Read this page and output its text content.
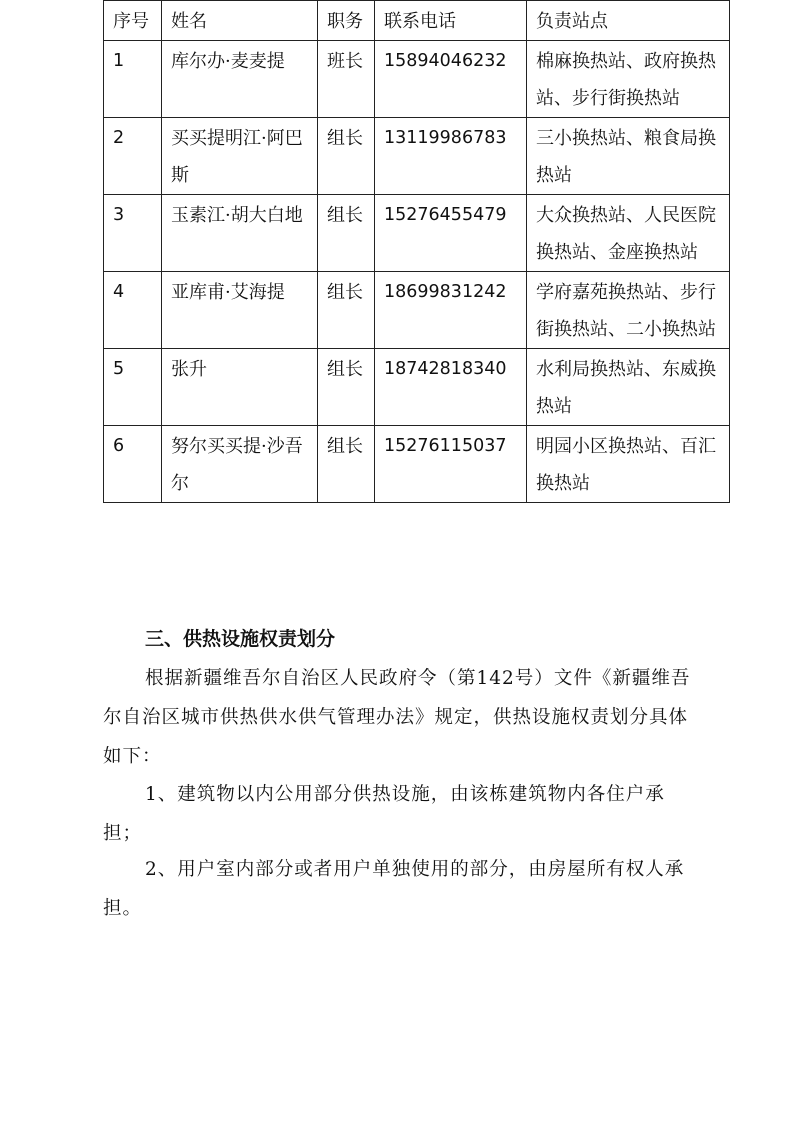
序号	姓名	职务	联系电话	负责站点
1	库尔办·麦麦提	班长	15894046232	棉麻换热站、政府换热站、步行街换热站
2	买买提明江·阿巴斯	组长	13119986783	三小换热站、粮食局换热站
3	玉素江·胡大白地	组长	15276455479	大众换热站、人民医院换热站、金座换热站
4	亚库甫·艾海提	组长	18699831242	学府嘉苑换热站、步行街换热站、二小换热站
5	张升	组长	18742818340	水利局换热站、东威换热站
6	努尔买买提·沙吾尔	组长	15276115037	明园小区换热站、百汇换热站
三、供热设施权责划分

根据新疆维吾尔自治区人民政府令（第142号）文件《新疆维吾尔自治区城市供热供水供气管理办法》规定，供热设施权责划分具体如下：

1、建筑物以内公用部分供热设施，由该栋建筑物内各住户承担；

2、用户室内部分或者用户单独使用的部分，由房屋所有权人承担。
